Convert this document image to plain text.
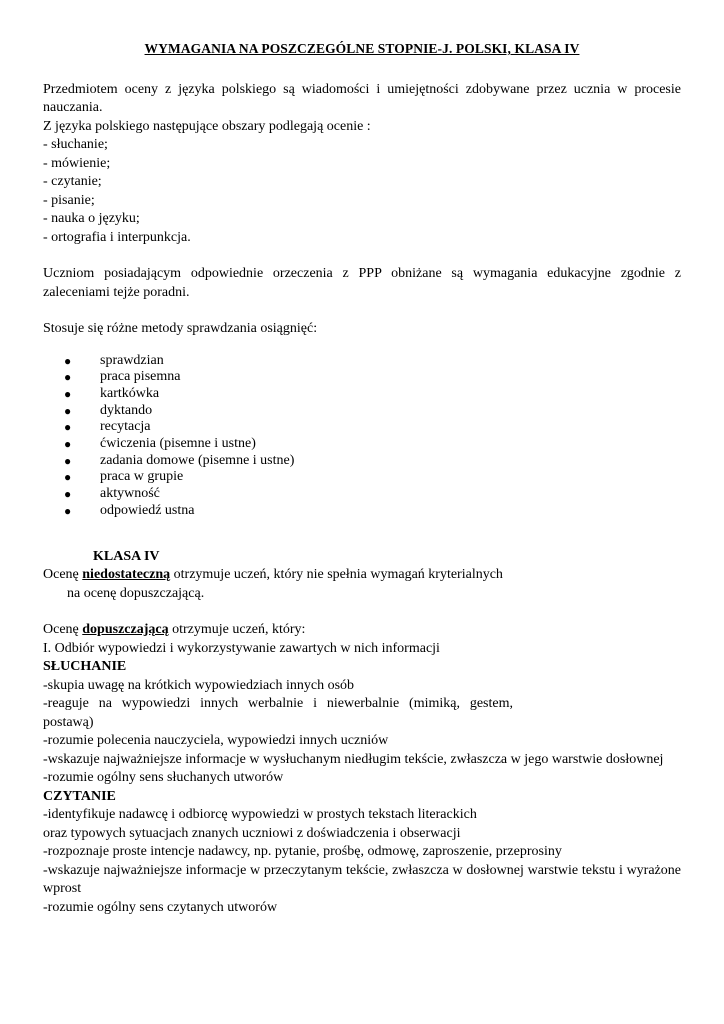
WYMAGANIA NA POSZCZEGÓLNE STOPNIE-J. POLSKI, KLASA IV

Przedmiotem oceny z języka polskiego są wiadomości i umiejętności zdobywane przez ucznia w procesie nauczania.

Z języka polskiego następujące obszary podlegają ocenie :

- słuchanie;

- mówienie;

- czytanie;

- pisanie;

- nauka o języku;

- ortografia i interpunkcja.

Uczniom posiadającym odpowiednie orzeczenia z PPP obniżane są wymagania edukacyjne zgodnie z zaleceniami tejże poradni.

Stosuje się różne metody sprawdzania osiągnięć:

● sprawdzian
● praca pisemna
● kartkówka
● dyktando
● recytacja
● ćwiczenia (pisemne i ustne)
● zadania domowe (pisemne i ustne)
● praca w grupie
● aktywność
● odpowiedź ustna

KLASA IV

Ocenę niedostateczną otrzymuje uczeń, który nie spełnia wymagań kryterialnych

na ocenę dopuszczającą.

Ocenę dopuszczającą otrzymuje uczeń, który:

I. Odbiór wypowiedzi i wykorzystywanie zawartych w nich informacji

SŁUCHANIE

-skupia uwagę na krótkich wypowiedziach innych osób

-reaguje na wypowiedzi innych werbalnie i niewerbalnie (mimiką, gestem, postawą)

-rozumie polecenia nauczyciela, wypowiedzi innych uczniów

-wskazuje najważniejsze informacje w wysłuchanym niedługim tekście, zwłaszcza w jego warstwie dosłownej

-rozumie ogólny sens słuchanych utworów

CZYTANIE

-identyfikuje nadawcę i odbiorcę wypowiedzi w prostych tekstach literackich

oraz typowych sytuacjach znanych uczniowi z doświadczenia i obserwacji

-rozpoznaje proste intencje nadawcy, np. pytanie, prośbę, odmowę, zaproszenie, przeprosiny

-wskazuje najważniejsze informacje w przeczytanym tekście, zwłaszcza w dosłownej warstwie tekstu i wyrażone wprost

-rozumie ogólny sens czytanych utworów
